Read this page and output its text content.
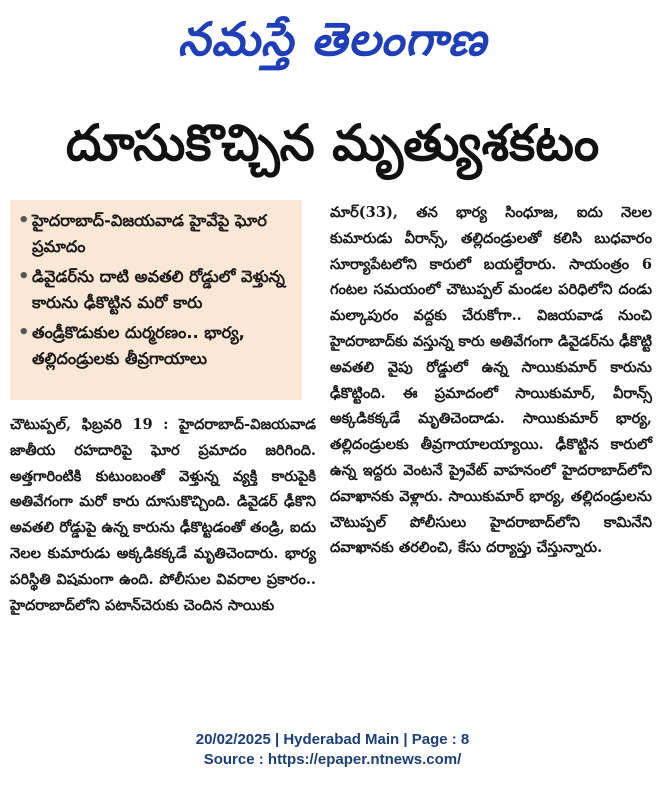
నమస్తే తెలంగాణ
దూసుకొచ్చిన మృత్యుశకటం
• హైదరాబాద్-విజయవాడ హైవేపై ఘోర ప్రమాదం
• డివైడర్‌ను దాటి అవతలి రోడ్డులో వెళ్తున్న కారును ఢీకొట్టిన మరో కారు
• తండ్రీకొడుకుల దుర్మరణం.. భార్య, తల్లిదండ్రులకు తీవ్రగాయాలు

చౌటుప్పల్, ఫిబ్రవరి 19 : హైదరాబాద్-విజయవాడ జాతీయ రహదారిపై ఘోర ప్రమాదం జరిగింది. అత్తగారింటికి కుటుంబంతో వెళ్తున్న వ్యక్తి కారుపైకి అతివేగంగా మరో కారు దూసుకొచ్చింది. డివైడర్ ఢీకొని అవతలి రోడ్డుపై ఉన్న కారును ఢీకొట్టడంతో తండ్రి, ఐదు నెలల కుమారుడు అక్కడికక్కడే మృతిచెందారు. భార్య పరిస్థితి విషమంగా ఉంది. పోలీసుల వివరాల ప్రకారం.. హైదరాబాద్‌లోని పటాన్‌చెరుకు చెందిన సాయికు

మార్(33), తన భార్య సింధూజ, ఐదు నెలల కుమారుడు వీరాన్స్, తల్లిదండ్రులతో కలిసి బుధవారం సూర్యాపేటలోని కారులో బయల్దేరారు. సాయంత్రం 6 గంటల సమయంలో చౌటుప్పల్ మండల పరిధిలోని దండు మల్కాపురం వద్దకు చేరుకోగా.. విజయవాడ నుంచి హైదరాబాద్‌కు వస్తున్న కారు అతివేగంగా డివైడర్‌ను ఢీకొట్టి అవతలి వైపు రోడ్డులో ఉన్న సాయికుమార్ కారును ఢీకొట్టింది. ఈ ప్రమాదంలో సాయికుమార్, వీరాన్స్ అక్కడికక్కడే మృతిచెందాడు. సాయికుమార్ భార్య, తల్లిదండ్రులకు తీవ్రగాయాలయ్యాయి. ఢీకొట్టిన కారులో ఉన్న ఇద్దరు వెంటనే ప్రైవేట్ వాహనంలో హైదరాబాద్‌లోని దవాఖానకు వెళ్లారు. సాయికుమార్ భార్య, తల్లిదండ్రులను చౌటుప్పల్ పోలీసులు హైదరాబాద్‌లోని కామినేని దవాఖానకు తరలించి, కేసు దర్యాప్తు చేస్తున్నారు.

20/02/2025 | Hyderabad Main | Page : 8
Source : https://epaper.ntnews.com/
